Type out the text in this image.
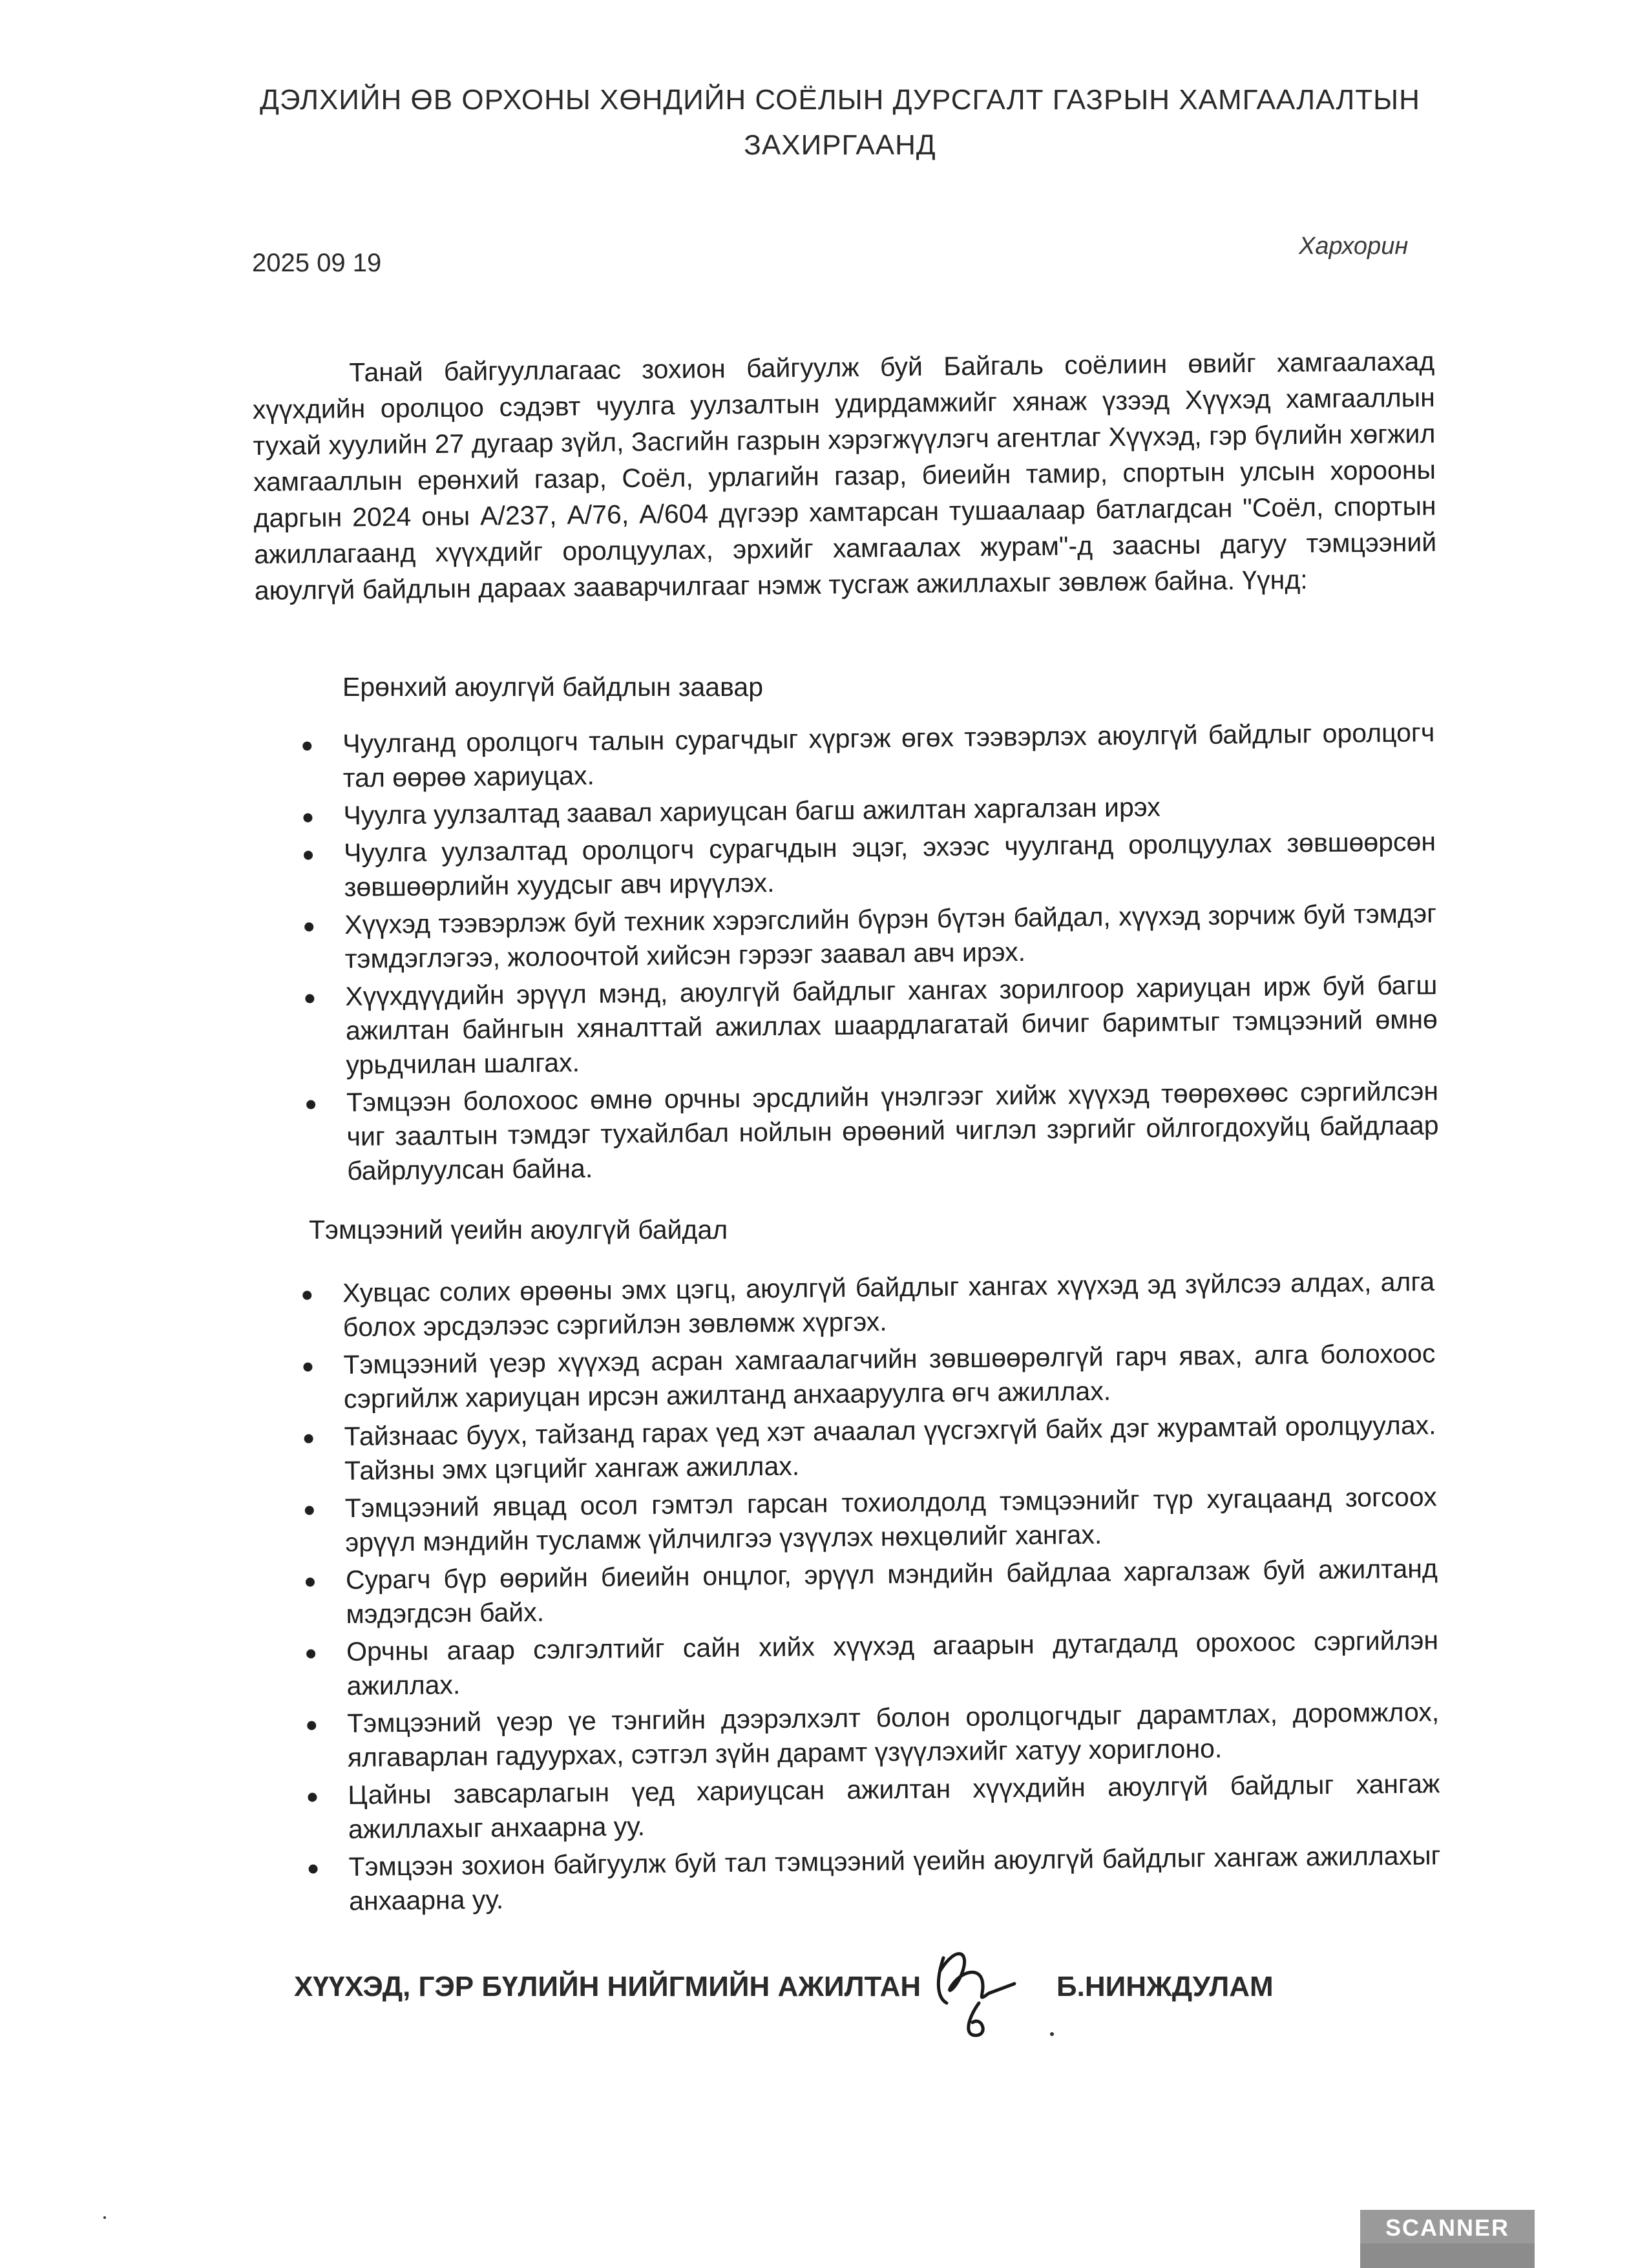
ДЭЛХИЙН ӨВ ОРХОНЫ ХӨНДИЙН СОЁЛЫН ДУРСГАЛТ ГАЗРЫН ХАМГААЛАЛТЫН
ЗАХИРГААНД
2025 09 19
Хархорин
Танай байгууллагаас зохион байгуулж буй Байгаль соёлиин өвийг хамгаалахад хүүхдийн оролцоо сэдэвт чуулга уулзалтын удирдамжийг хянаж үзээд Хүүхэд хамгааллын тухай хуулийн 27 дугаар зүйл, Засгийн газрын хэрэгжүүлэгч агентлаг Хүүхэд, гэр бүлийн хөгжил хамгааллын ерөнхий газар, Соёл, урлагийн газар, биеийн тамир, спортын улсын хорооны даргын 2024 оны А/237, А/76, А/604 дүгээр хамтарсан тушаалаар батлагдсан "Соёл, спортын ажиллагаанд хүүхдийг оролцуулах, эрхийг хамгаалах журам"-д заасны дагуу тэмцээний аюулгүй байдлын дараах зааварчилгааг нэмж тусгаж ажиллахыг зөвлөж байна. Үүнд:
Ерөнхий аюулгүй байдлын заавар
Чуулганд оролцогч талын сурагчдыг хүргэж өгөх тээвэрлэх аюулгүй байдлыг оролцогч тал өөрөө хариуцах.
Чуулга уулзалтад заавал хариуцсан багш ажилтан харгалзан ирэх
Чуулга уулзалтад оролцогч сурагчдын эцэг, эхээс чуулганд оролцуулах зөвшөөрсөн зөвшөөрлийн хуудсыг авч ирүүлэх.
Хүүхэд тээвэрлэж буй техник хэрэгслийн бүрэн бүтэн байдал, хүүхэд зорчиж буй тэмдэг тэмдэглэгээ, жолоочтой хийсэн гэрээг заавал авч ирэх.
Хүүхдүүдийн эрүүл мэнд, аюулгүй байдлыг хангах зорилгоор хариуцан ирж буй багш ажилтан байнгын хяналттай ажиллах шаардлагатай бичиг баримтыг тэмцээний өмнө урьдчилан шалгах.
Тэмцээн болохоос өмнө орчны эрсдлийн үнэлгээг хийж хүүхэд төөрөхөөс сэргийлсэн чиг заалтын тэмдэг тухайлбал нойлын өрөөний чиглэл зэргийг ойлгогдохуйц байдлаар байрлуулсан байна.
Тэмцээний үеийн аюулгүй байдал
Хувцас солих өрөөны эмх цэгц, аюулгүй байдлыг хангах хүүхэд эд зүйлсээ алдах, алга болох эрсдэлээс сэргийлэн зөвлөмж хүргэх.
Тэмцээний үеэр хүүхэд асран хамгаалагчийн зөвшөөрөлгүй гарч явах, алга болохоос сэргийлж хариуцан ирсэн ажилтанд анхааруулга өгч ажиллах.
Тайзнаас буух, тайзанд гарах үед хэт ачаалал үүсгэхгүй байх дэг журамтай оролцуулах. Тайзны эмх цэгцийг хангаж ажиллах.
Тэмцээний явцад осол гэмтэл гарсан тохиолдолд тэмцээнийг түр хугацаанд зогсоох эрүүл мэндийн тусламж үйлчилгээ үзүүлэх нөхцөлийг хангах.
Сурагч бүр өөрийн биеийн онцлог, эрүүл мэндийн байдлаа харгалзаж буй ажилтанд мэдэгдсэн байх.
Орчны агаар сэлгэлтийг сайн хийх хүүхэд агаарын дутагдалд орохоос сэргийлэн ажиллах.
Тэмцээний үеэр үе тэнгийн дээрэлхэлт болон оролцогчдыг дарамтлах, доромжлох, ялгаварлан гадуурхах, сэтгэл зүйн дарамт үзүүлэхийг хатуу хориглоно.
Цайны завсарлагын үед хариуцсан ажилтан хүүхдийн аюулгүй байдлыг хангаж ажиллахыг анхаарна уу.
Тэмцээн зохион байгуулж буй тал тэмцээний үеийн аюулгүй байдлыг хангаж ажиллахыг анхаарна уу.
ХҮҮХЭД, ГЭР БҮЛИЙН НИЙГМИЙН АЖИЛТАН	Б.НИНЖДУЛАМ
SCANNER
